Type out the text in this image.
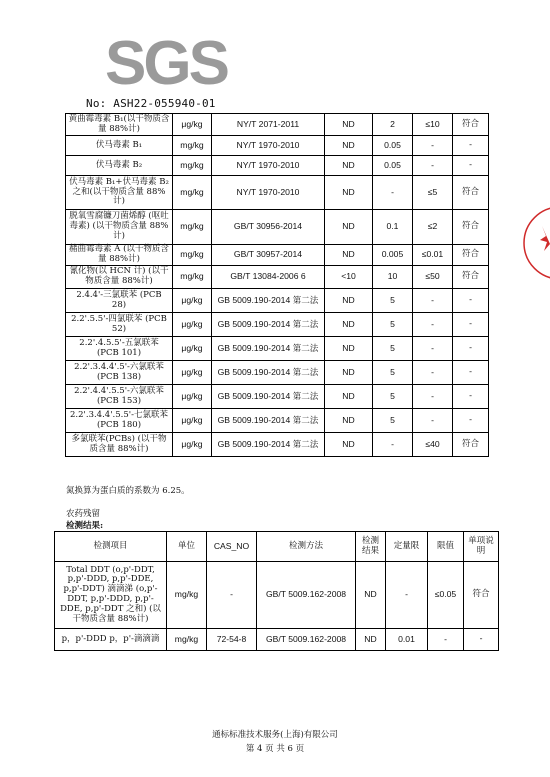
SGS
No: ASH22-055940-01
黄曲霉毒素 B₁(以干物质含量 88%计)	μg/kg	NY/T 2071-2011	ND	2	≤10	符合
伏马毒素 B₁	mg/kg	NY/T 1970-2010	ND	0.05	-	-
伏马毒素 B₂	mg/kg	NY/T 1970-2010	ND	0.05	-	-
伏马毒素 B₁+伏马毒素 B₂之和(以干物质含量 88%计)	mg/kg	NY/T 1970-2010	ND	-	≤5	符合
脱氧雪腐镰刀菌烯醇 (呕吐毒素) (以干物质含量 88%计)	mg/kg	GB/T 30956-2014	ND	0.1	≤2	符合
赭曲霉毒素 A (以干物质含量 88%计)	mg/kg	GB/T 30957-2014	ND	0.005	≤0.01	符合
氰化物(以 HCN 计) (以干物质含量 88%计)	mg/kg	GB/T 13084-2006 6	<10	10	≤50	符合
2.4.4'-三氯联苯 (PCB 28)	μg/kg	GB 5009.190-2014 第二法	ND	5	-	-
2.2'.5.5'-四氯联苯 (PCB 52)	μg/kg	GB 5009.190-2014 第二法	ND	5	-	-
2.2'.4.5.5'-五氯联苯 (PCB 101)	μg/kg	GB 5009.190-2014 第二法	ND	5	-	-
2.2'.3.4.4'.5'-六氯联苯 (PCB 138)	μg/kg	GB 5009.190-2014 第二法	ND	5	-	-
2.2'.4.4'.5.5'-六氯联苯 (PCB 153)	μg/kg	GB 5009.190-2014 第二法	ND	5	-	-
2.2'.3.4.4'.5.5'-七氯联苯 (PCB 180)	μg/kg	GB 5009.190-2014 第二法	ND	5	-	-
多氯联苯(PCBs) (以干物质含量 88%计)	μg/kg	GB 5009.190-2014 第二法	ND	-	≤40	符合
氮换算为蛋白质的系数为 6.25。
农药残留
检测结果:
检测项目	单位	CAS_NO	检测方法	检测结果	定量限	限值	单项说明
Total DDT (o,p'-DDT, p,p'-DDD, p,p'-DDE, p,p'-DDT) 滴滴涕 (o,p'-DDT, p,p'-DDD, p,p'-DDE, p,p'-DDT 之和) (以干物质含量 88%计)	mg/kg	-	GB/T 5009.162-2008	ND	-	≤0.05	符合
p，p'-DDD p，p'-滴滴滴	mg/kg	72-54-8	GB/T 5009.162-2008	ND	0.01	-	-
通标标准技术服务(上海)有限公司
第 4 页 共 6 页
